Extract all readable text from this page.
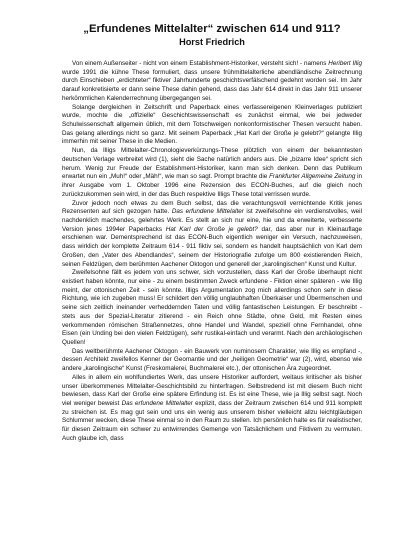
„Erfundenes Mittelalter“ zwischen 614 und 911?
Horst Friedrich

Von einem Außenseiter - nicht von einem Establishment-Historiker, versteht sich! - namens Heribert Illig wurde 1991 die kühne These formuliert, dass unsere frühmittelalterliche abendländische Zeitrechnung durch Einschieben „erdichteter“ fiktiver Jahrhunderte geschichtsverfälschend gedehnt worden sei. Im Jahr darauf konkretisierte er dann seine These dahin gehend, dass das Jahr 614 direkt in das Jahr 911 unserer herkömmlichen Kalenderrechnung übergegangen sei.

Solange dergleichen in Zeitschrift und Paperback eines verfassereigenen Kleinverlages publiziert wurde, mochte die „offizielle“ Geschichtswissenschaft es zunächst einmal, wie bei jedweder Schulwissenschaft allgemein üblich, mit dem Totschweigen nonkonformistischer Thesen versucht haben. Das gelang allerdings nicht so ganz. Mit seinem Paperback „Hat Karl der Große je gelebt?“ gelangte Illig immerhin mit seiner These in die Medien.

Nun, da Illigs Mittelalter-Chronologieverkürzungs-These plötzlich von einem der bekanntesten deutschen Verlage verbreitet wird (1), sieht die Sache natürlich anders aus. Die „bizarre Idee“ spricht sich herum. Wenig zur Freude der Establishment-Historiker, kann man sich denken. Denn das Publikum erwartet nun ein „Muh!“ oder „Mäh!“, wie man so sagt. Prompt brachte die Frankfurter Allgemeine Zeitung in ihrer Ausgabe vom 1. Oktober 1996 eine Rezension des ECON-Buches, auf die gleich noch zurückzukommen sein wird, in der das Buch respektive Illigs These total verrissen wurde.

Zuvor jedoch noch etwas zu dem Buch selbst, das die verachtungsvoll vernichtende Kritik jenes Rezensenten auf sich gezogen hatte. Das erfundene Mittelalter ist zweifelsohne ein verdienstvolles, weil nachdenklich machendes, gelehrtes Werk. Es stellt an sich nur eine, hie und da erweiterte, verbesserte Version jenes 1994er Paperbacks Hat Karl der Große je gelebt? dar, das aber nur in Kleinauflage erschienen war. Dementsprechend ist das ECON-Buch eigentlich weniger ein Versuch, nachzuweisen, dass wirklich der komplette Zeitraum 614 - 911 fiktiv sei, sondern es handelt hauptsächlich von Karl dem Großen, den „Vater des Abendlandes“, seinem der Historiografie zufolge um 800 existierenden Reich, seinen Feldzügen, dem berühmten Aachener Oktogon und generell der „karolingischen“ Kunst und Kultur.

Zweifelsohne fällt es jedem von uns schwer, sich vorzustellen, dass Karl der Große überhaupt nicht existiert haben könnte, nur eine - zu einem bestimmten Zweck erfundene - Fiktion einer späteren - wie Illig meint, der ottonischen Zeit - sein könnte. Illigs Argumentation zog mich allerdings schon sehr in diese Richtung, wie ich zugeben muss! Er schildert den völlig unglaubhaften Überkaiser und Übermenschen und seine sich zeitlich ineinander verheddernden Taten und völlig fantastischen Leistungen. Er beschreibt - stets aus der Spezial-Literatur zitierend - ein Reich ohne Städte, ohne Geld, mit Resten eines verkommenden römischen Straßennetzes, ohne Handel und Wandel, speziell ohne Fernhandel, ohne Eisen (ein Unding bei den vielen Feldzügen), sehr rustikal-einfach und verarmt. Nach den archäologischen Quellen!

Das weltberühmte Aachener Oktogon - ein Bauwerk von numinosem Charakter, wie Illig es empfand -, dessen Architekt zweifellos Kenner der Geomantie und der „heiligen Geometrie“ war (2), wird, ebenso wie andere „karolingische“ Kunst (Freskomalerei, Buchmalerei etc.), der ottonischen Ära zugeordnet.

Alles in allem ein wohlfundiertes Werk, das unsere Historiker auffordert, weitaus kritischer als bisher unser überkommenes Mittelalter-Geschichtsbild zu hinterfragen. Selbstredend ist mit diesem Buch nicht bewiesen, dass Karl der Große eine spätere Erfindung ist. Es ist eine These, wie ja Illig selbst sagt. Noch viel weniger beweist Das erfundene Mittelalter explizit, dass der Zeitraum zwischen 614 und 911 komplett zu streichen ist. Es mag gut sein und uns ein wenig aus unserem bisher vielleicht allzu leichtgläubigen Schlummer wecken, diese These einmal so in den Raum zu stellen. Ich persönlich halte es für realistischer, für diesen Zeitraum ein schwer zu entwirrendes Gemenge von Tatsächlichem und Fiktivem zu vermuten. Auch glaube ich, dass
